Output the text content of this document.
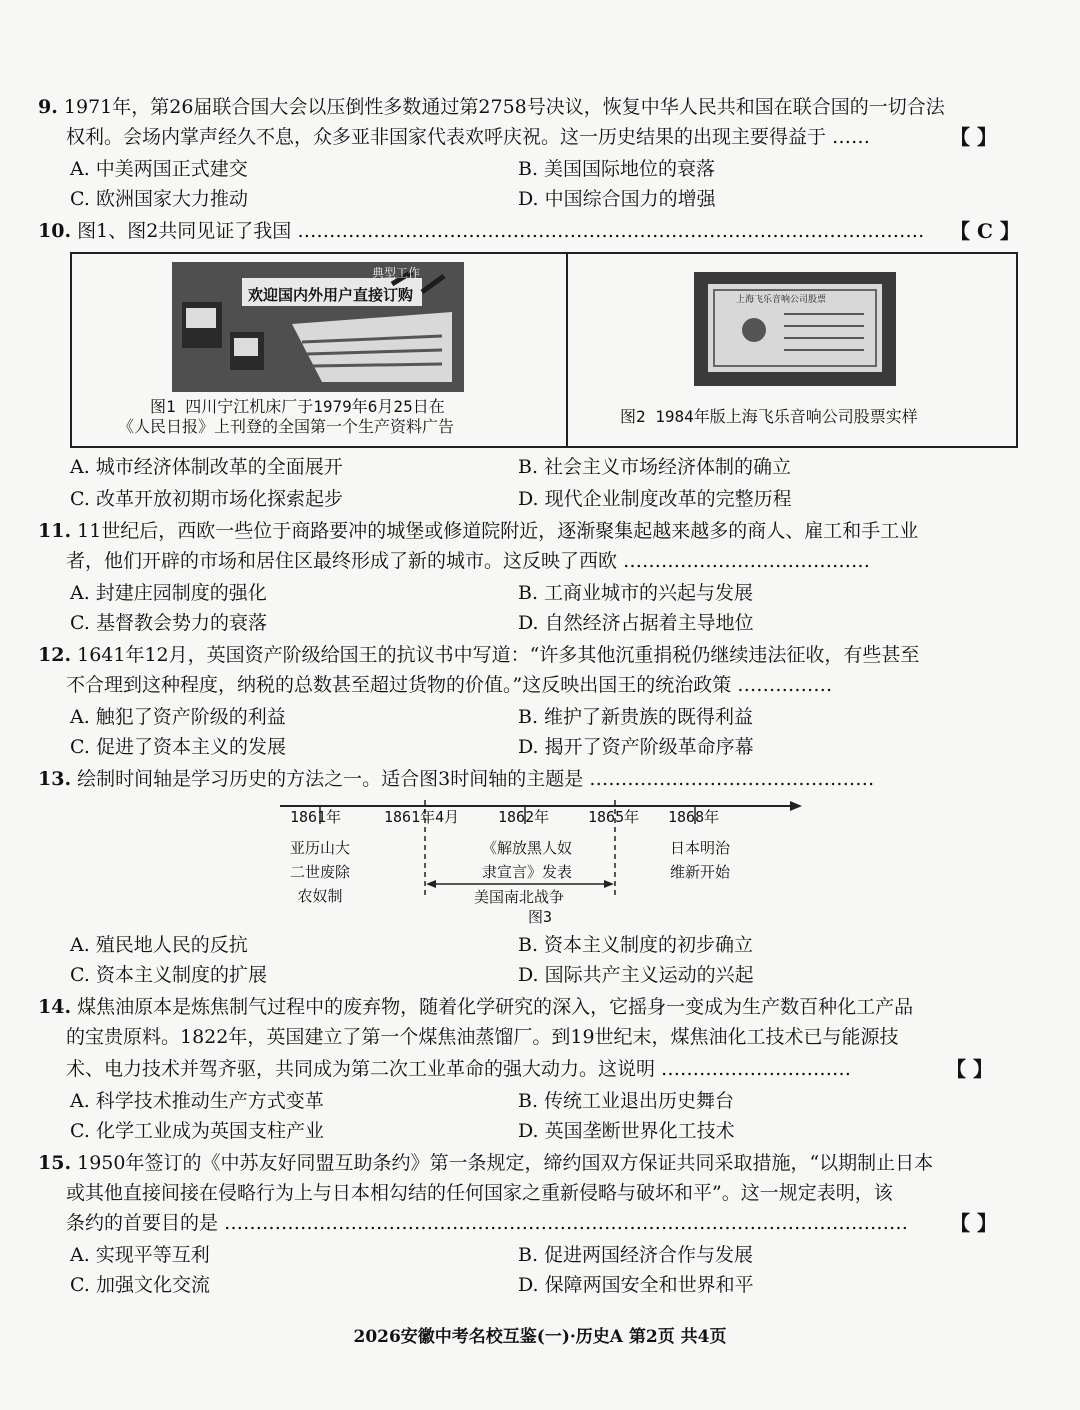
9. 1971年，第26届联合国大会以压倒性多数通过第2758号决议，恢复中华人民共和国在联合国的一切合法
权利。会场内掌声经久不息，众多亚非国家代表欢呼庆祝。这一历史结果的出现主要得益于 ……	【 】
A. 中美两国正式建交	B. 美国国际地位的衰落
C. 欧洲国家大力推动	D. 中国综合国力的增强
10. 图1、图2共同见证了我国 ……………………………………………………………………………………… 【 C 】
欢迎国内外用户直接订购
典型工作
图1 四川宁江机床厂于1979年6月25日在
《人民日报》上刊登的全国第一个生产资料广告
上海飞乐音响公司股票
图2 1984年版上海飞乐音响公司股票实样
A. 城市经济体制改革的全面展开	B. 社会主义市场经济体制的确立
C. 改革开放初期市场化探索起步	D. 现代企业制度改革的完整历程
11. 11世纪后，西欧一些位于商路要冲的城堡或修道院附近，逐渐聚集起越来越多的商人、雇工和手工业
者，他们开辟的市场和居住区最终形成了新的城市。这反映了西欧 …………………………………
A. 封建庄园制度的强化	B. 工商业城市的兴起与发展
C. 基督教会势力的衰落	D. 自然经济占据着主导地位
12. 1641年12月，英国资产阶级给国王的抗议书中写道：“许多其他沉重捐税仍继续违法征收，有些甚至
不合理到这种程度，纳税的总数甚至超过货物的价值。”这反映出国王的统治政策 ……………
A. 触犯了资产阶级的利益	B. 维护了新贵族的既得利益
C. 促进了资本主义的发展	D. 揭开了资产阶级革命序幕
13. 绘制时间轴是学习历史的方法之一。适合图3时间轴的主题是 ………………………………………
1861年	1861年4月	1862年	1865年 1868年
亚历山大
二世废除
农奴制
《解放黑人奴
隶宣言》发表
日本明治
维新开始
美国南北战争
图3
A. 殖民地人民的反抗	B. 资本主义制度的初步确立
C. 资本主义制度的扩展	D. 国际共产主义运动的兴起
14. 煤焦油原本是炼焦制气过程中的废弃物，随着化学研究的深入，它摇身一变成为生产数百种化工产品
的宝贵原料。1822年，英国建立了第一个煤焦油蒸馏厂。到19世纪末，煤焦油化工技术已与能源技
术、电力技术并驾齐驱，共同成为第二次工业革命的强大动力。这说明 …………………………	【 】
A. 科学技术推动生产方式变革	B. 传统工业退出历史舞台
C. 化学工业成为英国支柱产业	D. 英国垄断世界化工技术
15. 1950年签订的《中苏友好同盟互助条约》第一条规定，缔约国双方保证共同采取措施，“以期制止日本
或其他直接间接在侵略行为上与日本相勾结的任何国家之重新侵略与破坏和平”。这一规定表明，该
条约的首要目的是 ……………………………………………………………………………………………… 【 】
A. 实现平等互利	B. 促进两国经济合作与发展
C. 加强文化交流	D. 保障两国安全和世界和平
2026安徽中考名校互鉴(一)·历史A 第2页 共4页
